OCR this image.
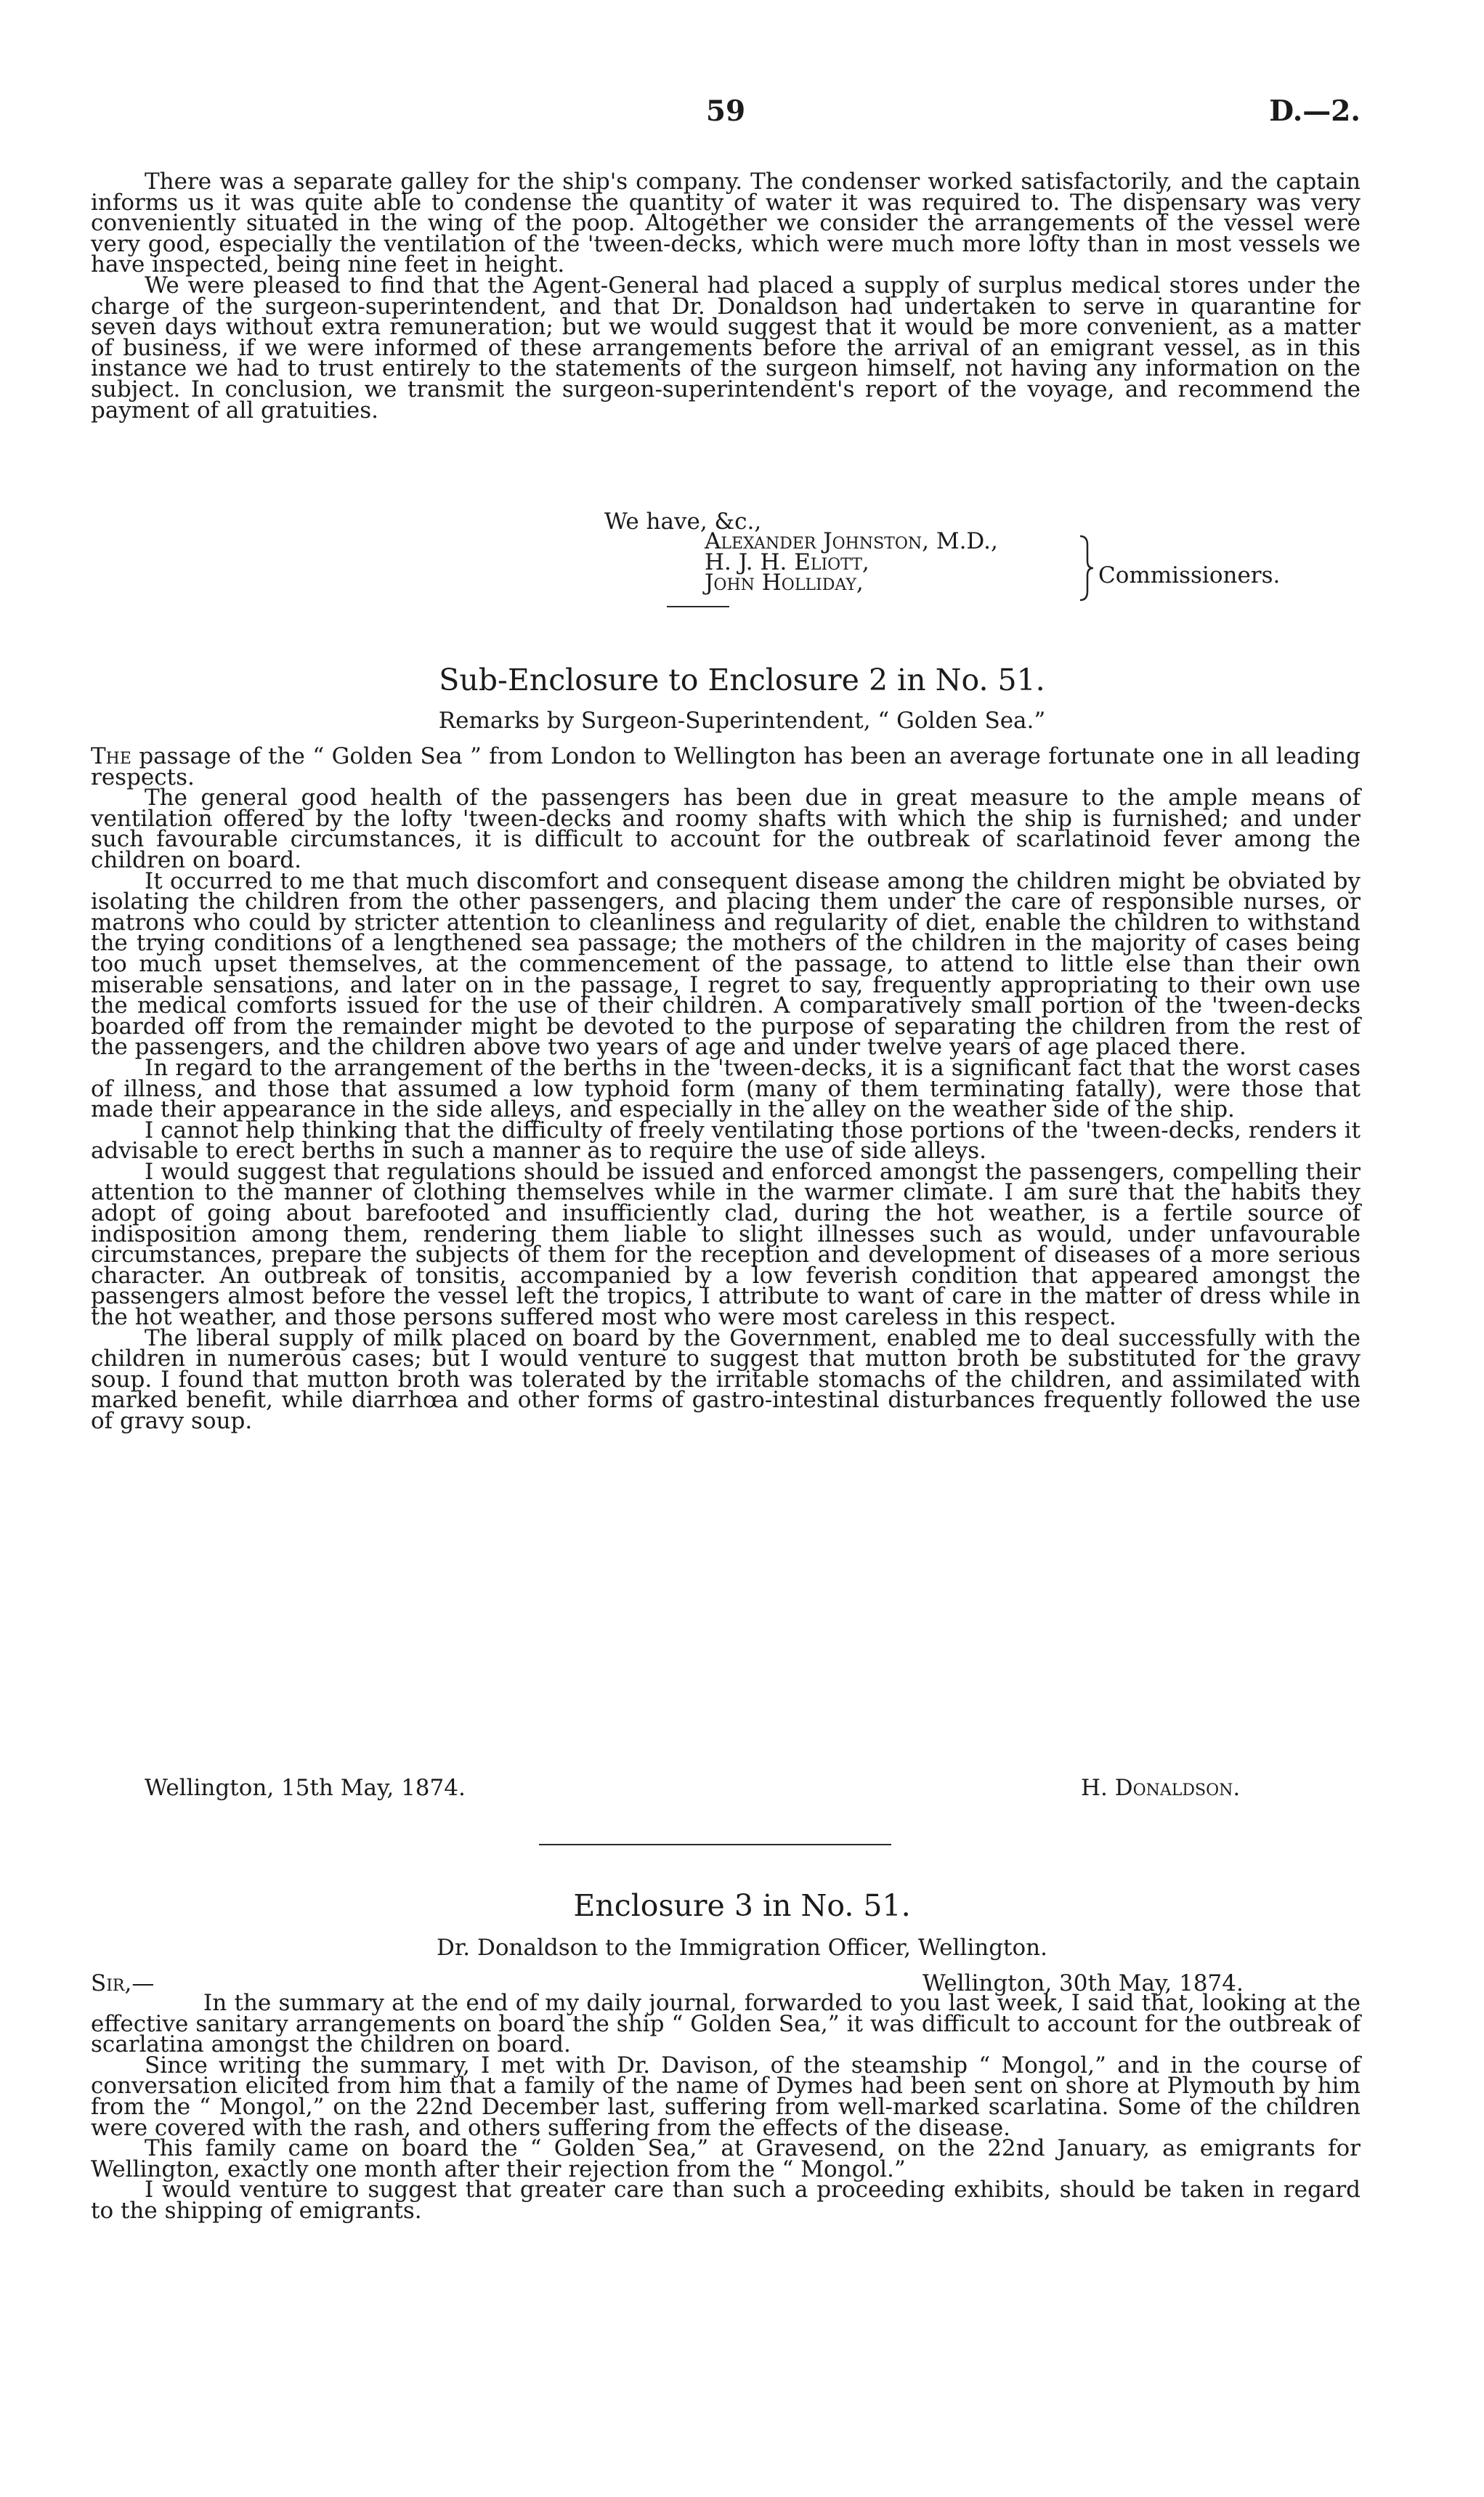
59	D.—2.

There was a separate galley for the ship's company. The condenser worked satisfactorily, and the captain informs us it was quite able to condense the quantity of water it was required to. The dispensary was very conveniently situated in the wing of the poop. Altogether we consider the arrangements of the vessel were very good, especially the ventilation of the 'tween-decks, which were much more lofty than in most vessels we have inspected, being nine feet in height.

We were pleased to find that the Agent-General had placed a supply of surplus medical stores under the charge of the surgeon-superintendent, and that Dr. Donaldson had undertaken to serve in quarantine for seven days without extra remuneration; but we would suggest that it would be more convenient, as a matter of business, if we were informed of these arrangements before the arrival of an emigrant vessel, as in this instance we had to trust entirely to the statements of the surgeon himself, not having any information on the subject. In conclusion, we transmit the surgeon-superintendent's report of the voyage, and recommend the payment of all gratuities.

We have, &c.,
Alexander Johnston, M.D.,
H. J. H. Eliott,
John Holliday,	Commissioners.
Sub-Enclosure to Enclosure 2 in No. 51.
Remarks by Surgeon-Superintendent, “ Golden Sea.”

The passage of the “ Golden Sea ” from London to Wellington has been an average fortunate one in all leading respects.

The general good health of the passengers has been due in great measure to the ample means of ventilation offered by the lofty 'tween-decks and roomy shafts with which the ship is furnished; and under such favourable circumstances, it is difficult to account for the outbreak of scarlatinoid fever among the children on board.

It occurred to me that much discomfort and consequent disease among the children might be obviated by isolating the children from the other passengers, and placing them under the care of responsible nurses, or matrons who could by stricter attention to cleanliness and regularity of diet, enable the children to withstand the trying conditions of a lengthened sea passage; the mothers of the children in the majority of cases being too much upset themselves, at the commencement of the passage, to attend to little else than their own miserable sensations, and later on in the passage, I regret to say, frequently appropriating to their own use the medical comforts issued for the use of their children. A comparatively small portion of the 'tween-decks boarded off from the remainder might be devoted to the purpose of separating the children from the rest of the passengers, and the children above two years of age and under twelve years of age placed there.

In regard to the arrangement of the berths in the 'tween-decks, it is a significant fact that the worst cases of illness, and those that assumed a low typhoid form (many of them terminating fatally), were those that made their appearance in the side alleys, and especially in the alley on the weather side of the ship.

I cannot help thinking that the difficulty of freely ventilating those portions of the 'tween-decks, renders it advisable to erect berths in such a manner as to require the use of side alleys.

I would suggest that regulations should be issued and enforced amongst the passengers, compelling their attention to the manner of clothing themselves while in the warmer climate. I am sure that the habits they adopt of going about barefooted and insufficiently clad, during the hot weather, is a fertile source of indisposition among them, rendering them liable to slight illnesses such as would, under unfavourable circumstances, prepare the subjects of them for the reception and development of diseases of a more serious character. An outbreak of tonsitis, accompanied by a low feverish condition that appeared amongst the passengers almost before the vessel left the tropics, I attribute to want of care in the matter of dress while in the hot weather, and those persons suffered most who were most careless in this respect.

The liberal supply of milk placed on board by the Government, enabled me to deal successfully with the children in numerous cases; but I would venture to suggest that mutton broth be substituted for the gravy soup. I found that mutton broth was tolerated by the irritable stomachs of the children, and assimilated with marked benefit, while diarrhœa and other forms of gastro-intestinal disturbances frequently followed the use of gravy soup.

Wellington, 15th May, 1874.	H. Donaldson.
Enclosure 3 in No. 51.
Dr. Donaldson to the Immigration Officer, Wellington.
Sir,—	Wellington, 30th May, 1874.

In the summary at the end of my daily journal, forwarded to you last week, I said that, looking at the effective sanitary arrangements on board the ship “ Golden Sea,” it was difficult to account for the outbreak of scarlatina amongst the children on board.

Since writing the summary, I met with Dr. Davison, of the steamship “ Mongol,” and in the course of conversation elicited from him that a family of the name of Dymes had been sent on shore at Plymouth by him from the “ Mongol,” on the 22nd December last, suffering from well-marked scarlatina. Some of the children were covered with the rash, and others suffering from the effects of the disease.

This family came on board the “ Golden Sea,” at Gravesend, on the 22nd January, as emigrants for Wellington, exactly one month after their rejection from the “ Mongol.”

I would venture to suggest that greater care than such a proceeding exhibits, should be taken in regard to the shipping of emigrants.
